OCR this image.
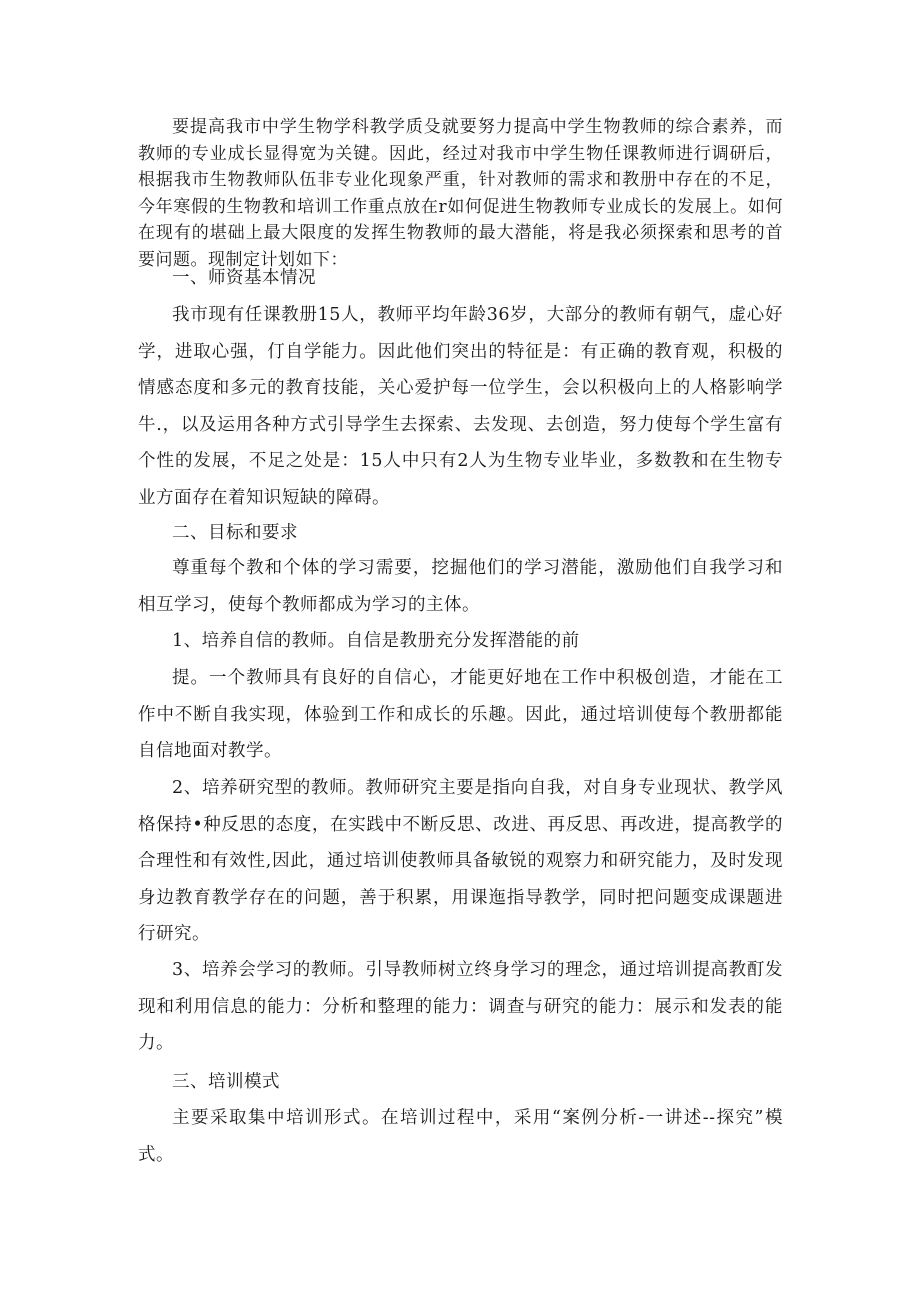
要提高我市中学生物学科教学质殳就要努力提高中学生物教师的综合素养，而教师的专业成长显得宽为关键。因此，经过对我市中学生物任课教师进行调研后，根据我市生物教师队伍非专业化现象严重，针对教师的需求和教册中存在的不足，今年寒假的生物教和培训工作重点放在r如何促进生物教师专业成长的发展上。如何在现有的堪础上最大限度的发挥生物教师的最大潜能，将是我必须探索和思考的首要问题。现制定计划如下：

一、师资基本情况

我市现有任课教册15人，教师平均年龄36岁，大部分的教师有朝气，虚心好学，进取心强，仃自学能力。因此他们突出的特征是：有正确的教育观，积极的情感态度和多元的教育技能，关心爱护每一位学生，会以积极向上的人格影响学牛.，以及运用各种方式引导学生去探索、去发现、去创造，努力使每个学生富有个性的发展，不足之处是：15人中只有2人为生物专业毕业，多数教和在生物专业方面存在着知识短缺的障碍。

二、目标和要求

尊重每个教和个体的学习需要，挖掘他们的学习潜能，激励他们自我学习和相互学习，使每个教师都成为学习的主体。

1、培养自信的教师。自信是教册充分发挥潜能的前

提。一个教师具有良好的自信心，才能更好地在工作中积极创造，才能在工作中不断自我实现，体验到工作和成长的乐趣。因此，通过培训使每个教册都能自信地面对教学。

2、培养研究型的教师。教师研究主要是指向自我，对自身专业现状、教学风格保持•种反思的态度，在实践中不断反思、改进、再反思、再改进，提高教学的合理性和有效性,因此，通过培训使教师具备敏锐的观察力和研究能力，及时发现身边教育教学存在的问题，善于积累，用课迤指导教学，同时把问题变成课题进行研究。

3、培养会学习的教师。引导教师树立终身学习的理念，通过培训提高教酊发现和利用信息的能力：分析和整理的能力：调查与研究的能力：展示和发表的能力。

三、培训模式

主要采取集中培训形式。在培训过程中，采用“案例分析-一讲述--探究”模式。
